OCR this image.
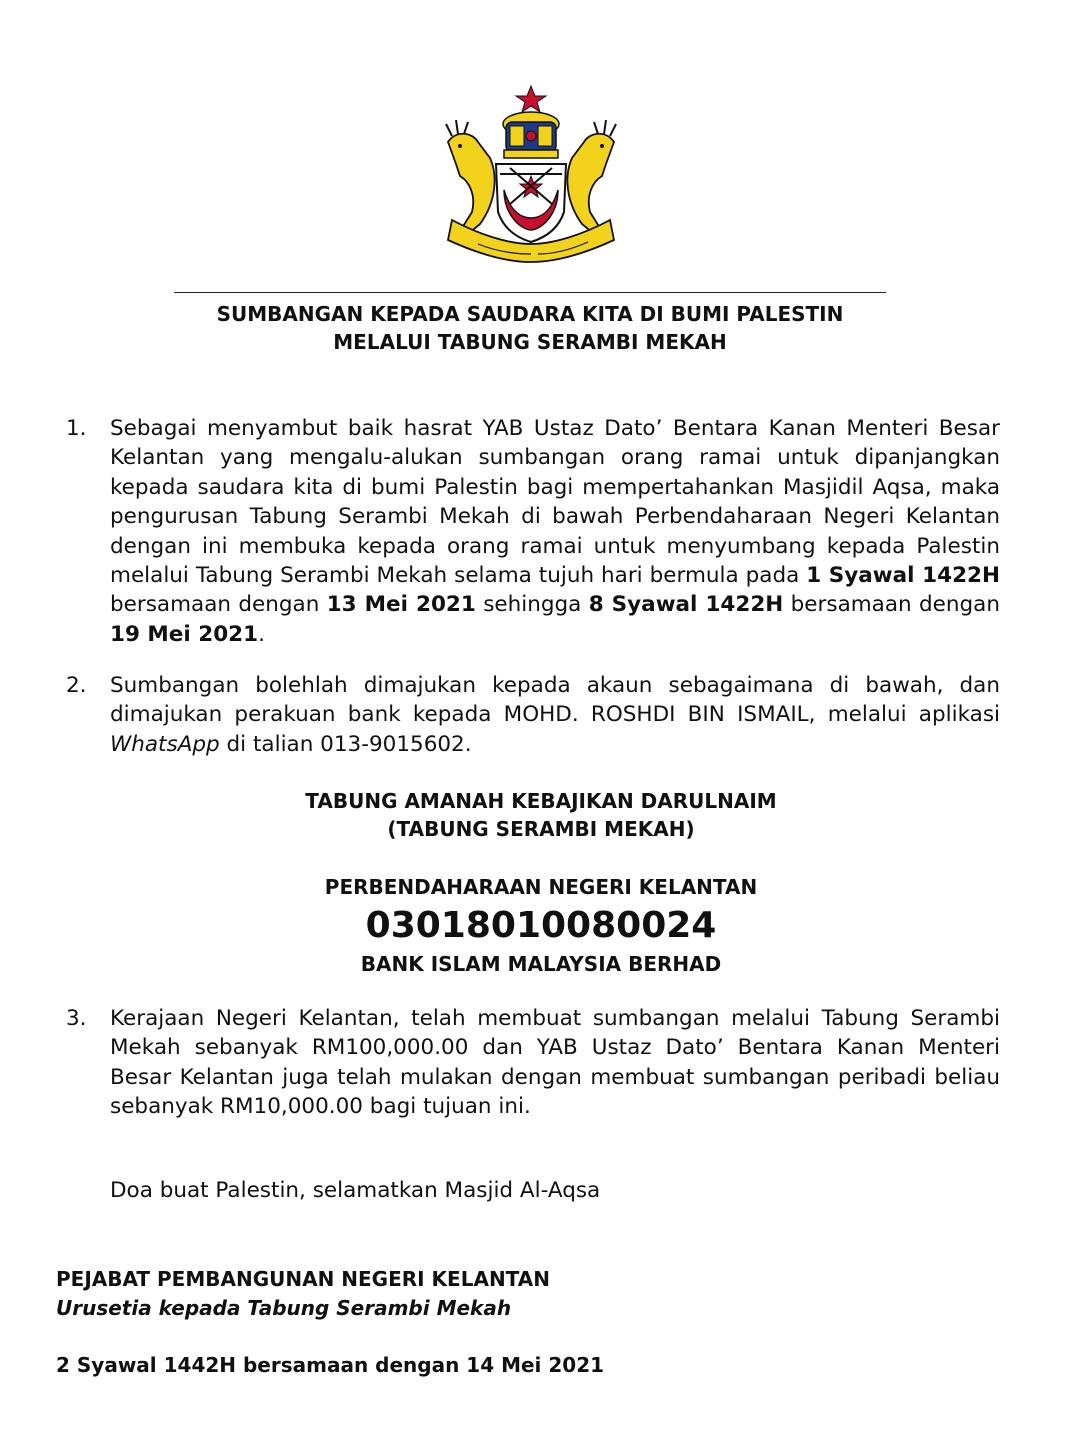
SUMBANGAN KEPADA SAUDARA KITA DI BUMI PALESTIN
MELALUI TABUNG SERAMBI MEKAH
1.	Sebagai menyambut baik hasrat YAB Ustaz Dato’ Bentara Kanan Menteri Besar Kelantan yang mengalu-alukan sumbangan orang ramai untuk dipanjangkan kepada saudara kita di bumi Palestin bagi mempertahankan Masjidil Aqsa, maka pengurusan Tabung Serambi Mekah di bawah Perbendaharaan Negeri Kelantan dengan ini membuka kepada orang ramai untuk menyumbang kepada Palestin melalui Tabung Serambi Mekah selama tujuh hari bermula pada 1 Syawal 1422H bersamaan dengan 13 Mei 2021 sehingga 8 Syawal 1422H bersamaan dengan 19 Mei 2021.
2.	Sumbangan bolehlah dimajukan kepada akaun sebagaimana di bawah, dan dimajukan perakuan bank kepada MOHD. ROSHDI BIN ISMAIL, melalui aplikasi WhatsApp di talian 013-9015602.
TABUNG AMANAH KEBAJIKAN DARULNAIM
(TABUNG SERAMBI MEKAH)
PERBENDAHARAAN NEGERI KELANTAN
03018010080024
BANK ISLAM MALAYSIA BERHAD
3.	Kerajaan Negeri Kelantan, telah membuat sumbangan melalui Tabung Serambi Mekah sebanyak RM100,000.00 dan YAB Ustaz Dato’ Bentara Kanan Menteri Besar Kelantan juga telah mulakan dengan membuat sumbangan peribadi beliau sebanyak RM10,000.00 bagi tujuan ini.
Doa buat Palestin, selamatkan Masjid Al-Aqsa
PEJABAT PEMBANGUNAN NEGERI KELANTAN
Urusetia kepada Tabung Serambi Mekah
2 Syawal 1442H bersamaan dengan 14 Mei 2021
